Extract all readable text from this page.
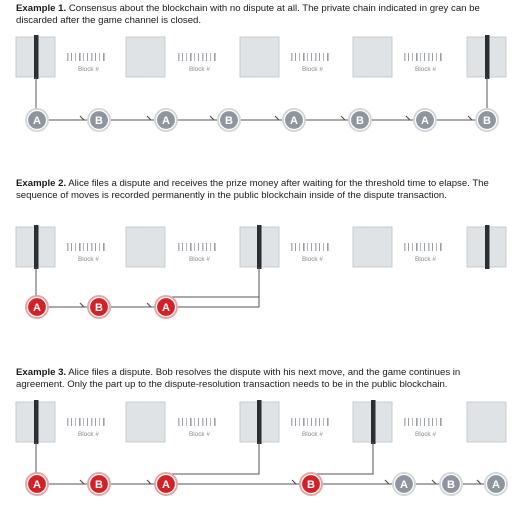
Example 1. Consensus about the blockchain with no dispute at all. The private chain indicated in grey can be discarded after the game channel is closed.

Example 2. Alice files a dispute and receives the prize money after waiting for the threshold time to elapse. The sequence of moves is recorded permanently in the public blockchain inside of the dispute transaction.

Example 3. Alice files a dispute. Bob resolves the dispute with his next move, and the game continues in agreement. Only the part up to the dispute-resolution transaction needs to be in the public blockchain.

Block #	Block #	Block #	Block #
A	B	A	B	A	B	A	B
Block #	Block #	Block #	Block #
A	B	A
Block #	Block #	Block #	Block #
A	B	A	B	A	B	A
